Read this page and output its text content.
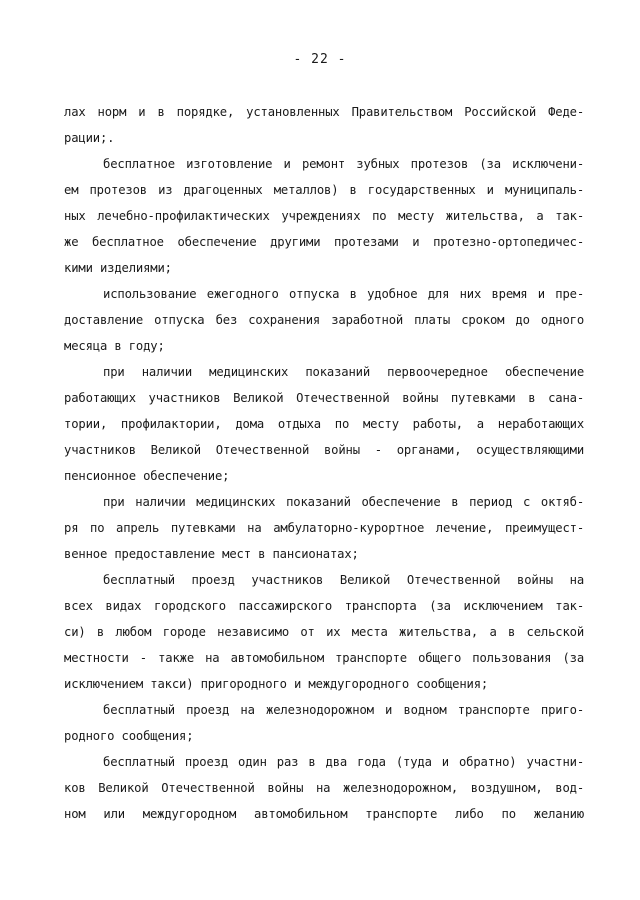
- 22 -
лах норм и в порядке, установленных Правительством Российской Феде-
рации;.
бесплатное изготовление и ремонт зубных протезов (за исключени-
ем протезов из драгоценных металлов) в государственных и муниципаль-
ных лечебно-профилактических учреждениях по месту жительства, а так-
же бесплатное обеспечение другими протезами и протезно-ортопедичес-
кими изделиями;
использование ежегодного отпуска в удобное для них время и пре-
доставление отпуска без сохранения заработной платы сроком до одного
месяца в году;
при наличии медицинских показаний первоочередное обеспечение
работающих участников Великой Отечественной войны путевками в сана-
тории, профилактории, дома отдыха по месту работы, а неработающих
участников Великой Отечественной войны - органами, осуществляющими
пенсионное обеспечение;
при наличии медицинских показаний обеспечение в период с октяб-
ря по апрель путевками на амбулаторно-курортное лечение, преимущест-
венное предоставление мест в пансионатах;
бесплатный проезд участников Великой Отечественной войны на
всех видах городского пассажирского транспорта (за исключением так-
си) в любом городе независимо от их места жительства, а в сельской
местности - также на автомобильном транспорте общего пользования (за
исключением такси) пригородного и междугородного сообщения;
бесплатный проезд на железнодорожном и водном транспорте приго-
родного сообщения;
бесплатный проезд один раз в два года (туда и обратно) участни-
ков Великой Отечественной войны на железнодорожном, воздушном, вод-
ном или междугородном автомобильном транспорте либо по желанию
